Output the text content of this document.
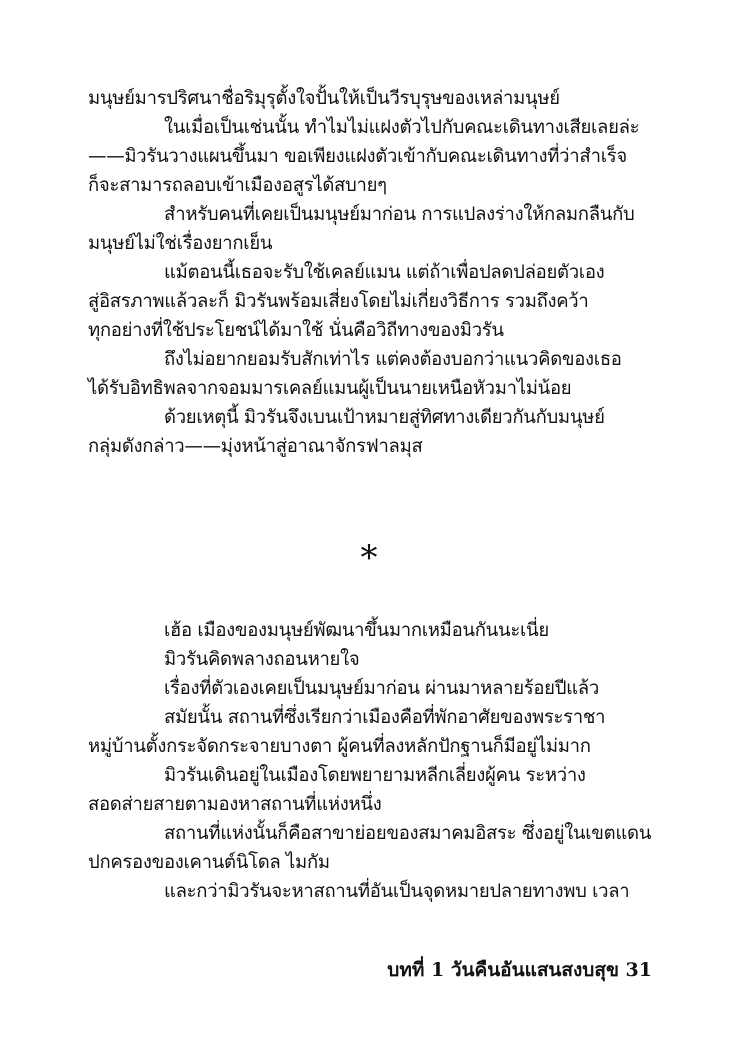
มนุษย์มารปริศนาชื่อริมุรุตั้งใจปั้นให้เป็นวีรบุรุษของเหล่ามนุษย์
ในเมื่อเป็นเช่นนั้น ทำไมไม่แฝงตัวไปกับคณะเดินทางเสียเลยล่ะ
——มิวรันวางแผนขึ้นมา ขอเพียงแฝงตัวเข้ากับคณะเดินทางที่ว่าสำเร็จ
ก็จะสามารถลอบเข้าเมืองอสูรได้สบายๆ
สำหรับคนที่เคยเป็นมนุษย์มาก่อน การแปลงร่างให้กลมกลืนกับ
มนุษย์ไม่ใช่เรื่องยากเย็น
แม้ตอนนี้เธอจะรับใช้เคลย์แมน แต่ถ้าเพื่อปลดปล่อยตัวเอง
สู่อิสรภาพแล้วละก็ มิวรันพร้อมเสี่ยงโดยไม่เกี่ยงวิธีการ รวมถึงคว้า
ทุกอย่างที่ใช้ประโยชน์ได้มาใช้ นั่นคือวิถีทางของมิวรัน
ถึงไม่อยากยอมรับสักเท่าไร แต่คงต้องบอกว่าแนวคิดของเธอ
ได้รับอิทธิพลจากจอมมารเคลย์แมนผู้เป็นนายเหนือหัวมาไม่น้อย
ด้วยเหตุนี้ มิวรันจึงเบนเป้าหมายสู่ทิศทางเดียวกันกับมนุษย์
กลุ่มดังกล่าว——มุ่งหน้าสู่อาณาจักรฟาลมุส
*
เฮ้อ เมืองของมนุษย์พัฒนาขึ้นมากเหมือนกันนะเนี่ย
มิวรันคิดพลางถอนหายใจ
เรื่องที่ตัวเองเคยเป็นมนุษย์มาก่อน ผ่านมาหลายร้อยปีแล้ว
สมัยนั้น สถานที่ซึ่งเรียกว่าเมืองคือที่พักอาศัยของพระราชา
หมู่บ้านตั้งกระจัดกระจายบางตา ผู้คนที่ลงหลักปักฐานก็มีอยู่ไม่มาก
มิวรันเดินอยู่ในเมืองโดยพยายามหลีกเลี่ยงผู้คน ระหว่าง
สอดส่ายสายตามองหาสถานที่แห่งหนึ่ง
สถานที่แห่งนั้นก็คือสาขาย่อยของสมาคมอิสระ ซึ่งอยู่ในเขตแดน
ปกครองของเคานต์นิโดล ไมกัม
และกว่ามิวรันจะหาสถานที่อันเป็นจุดหมายปลายทางพบ เวลา
บทที่ 1 วันคืนอันแสนสงบสุข 31
